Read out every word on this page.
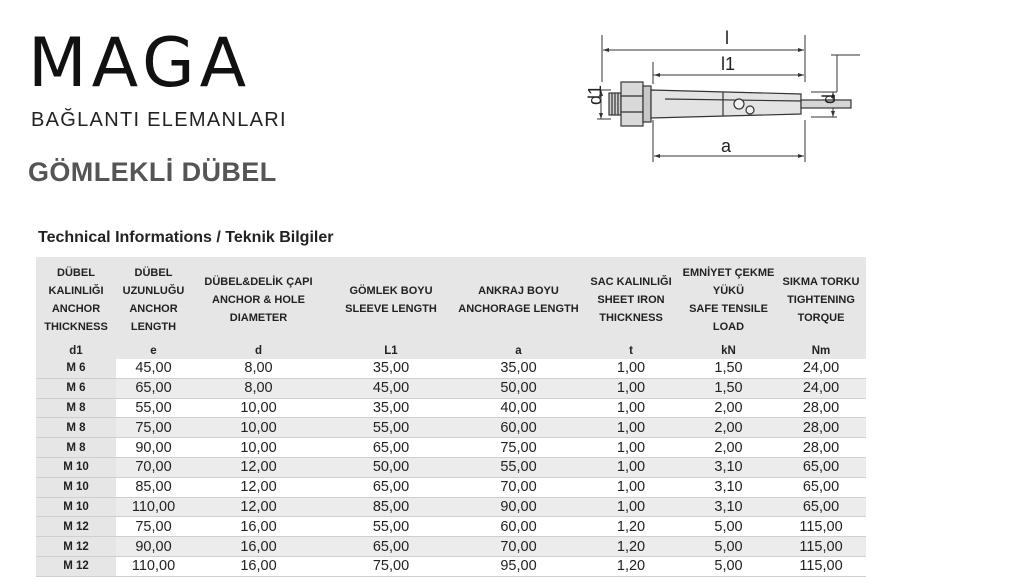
MAGA
BAĞLANTI ELEMANLARI
GÖMLEKLİ DÜBEL
l
l1
a
d1	d
Technical Informations / Teknik Bilgiler
DÜBEL KALINLIĞI
ANCHOR THICKNESS	DÜBEL UZUNLUĞU
ANCHOR LENGTH	DÜBEL&DELİK ÇAPI
ANCHOR & HOLE DIAMETER	GÖMLEK BOYU
SLEEVE LENGTH	ANKRAJ BOYU
ANCHORAGE LENGTH	SAC KALINLIĞI
SHEET IRON THICKNESS	EMNİYET ÇEKME YÜKÜ
SAFE TENSILE LOAD	SIKMA TORKU
TIGHTENING TORQUE

d1	e	d	L1	a	t	kN	Nm
M 6	45,00	8,00	35,00	35,00	1,00	1,50	24,00
M 6	65,00	8,00	45,00	50,00	1,00	1,50	24,00
M 8	55,00	10,00	35,00	40,00	1,00	2,00	28,00
M 8	75,00	10,00	55,00	60,00	1,00	2,00	28,00
M 8	90,00	10,00	65,00	75,00	1,00	2,00	28,00
M 10	70,00	12,00	50,00	55,00	1,00	3,10	65,00
M 10	85,00	12,00	65,00	70,00	1,00	3,10	65,00
M 10	110,00	12,00	85,00	90,00	1,00	3,10	65,00
M 12	75,00	16,00	55,00	60,00	1,20	5,00	115,00
M 12	90,00	16,00	65,00	70,00	1,20	5,00	115,00
M 12	110,00	16,00	75,00	95,00	1,20	5,00	115,00
